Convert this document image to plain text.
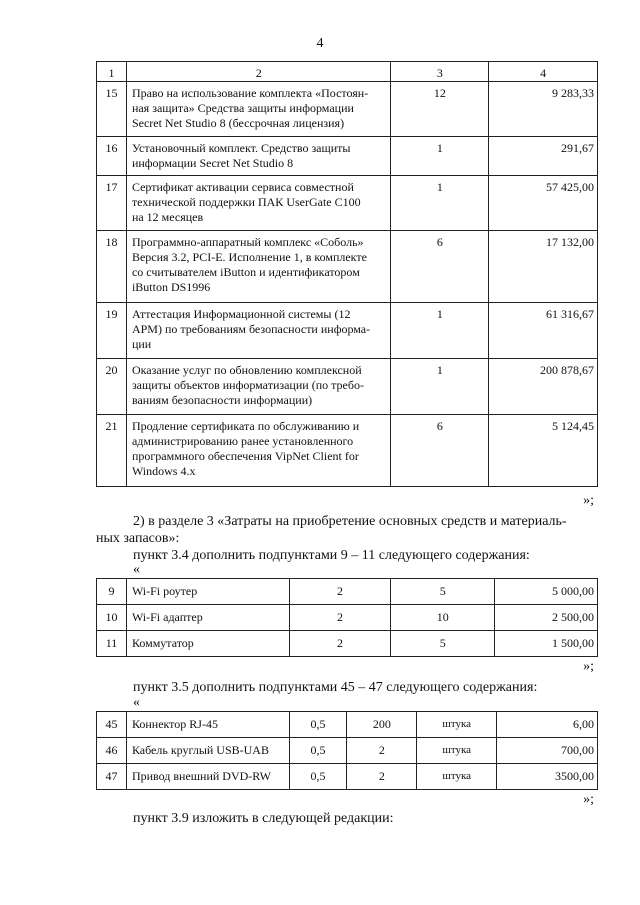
4
1	2	3	4
15	Право на использование комплекта «Постоян-
ная защита» Средства защиты информации
Secret Net Studio 8 (бессрочная лицензия)	12	9 283,33
16	Установочный комплект. Средство защиты
информации Secret Net Studio 8	1	291,67
17	Сертификат активации сервиса совместной
технической поддержки ПАК UserGate C100
на 12 месяцев	1	57 425,00
18	Программно-аппаратный комплекс «Соболь»
Версия 3.2, PCI-E. Исполнение 1, в комплекте
со считывателем iButton и идентификатором
iButton DS1996	6	17 132,00
19	Аттестация Информационной системы (12
АРМ) по требованиям безопасности информа-
ции	1	61 316,67
20	Оказание услуг по обновлению комплексной
защиты объектов информатизации (по требо-
ваниям безопасности информации)	1	200 878,67
21	Продление сертификата по обслуживанию и
администрированию ранее установленного
программного обеспечения VipNet Client for
Windows 4.x	6	5 124,45
»;
2) в разделе 3 «Затраты на приобретение основных средств и материаль-
ных запасов»:
пункт 3.4 дополнить подпунктами 9 – 11 следующего содержания:
«
9	Wi-Fi роутер	2	5	5 000,00
10	Wi-Fi адаптер	2	10	2 500,00
11	Коммутатор	2	5	1 500,00
»;
пункт 3.5 дополнить подпунктами 45 – 47 следующего содержания:
«
45	Коннектор RJ-45	0,5	200	штука	6,00
46	Кабель круглый USB-UAB	0,5	2	штука	700,00
47	Привод внешний DVD-RW	0,5	2	штука	3500,00
»;
пункт 3.9 изложить в следующей редакции:
